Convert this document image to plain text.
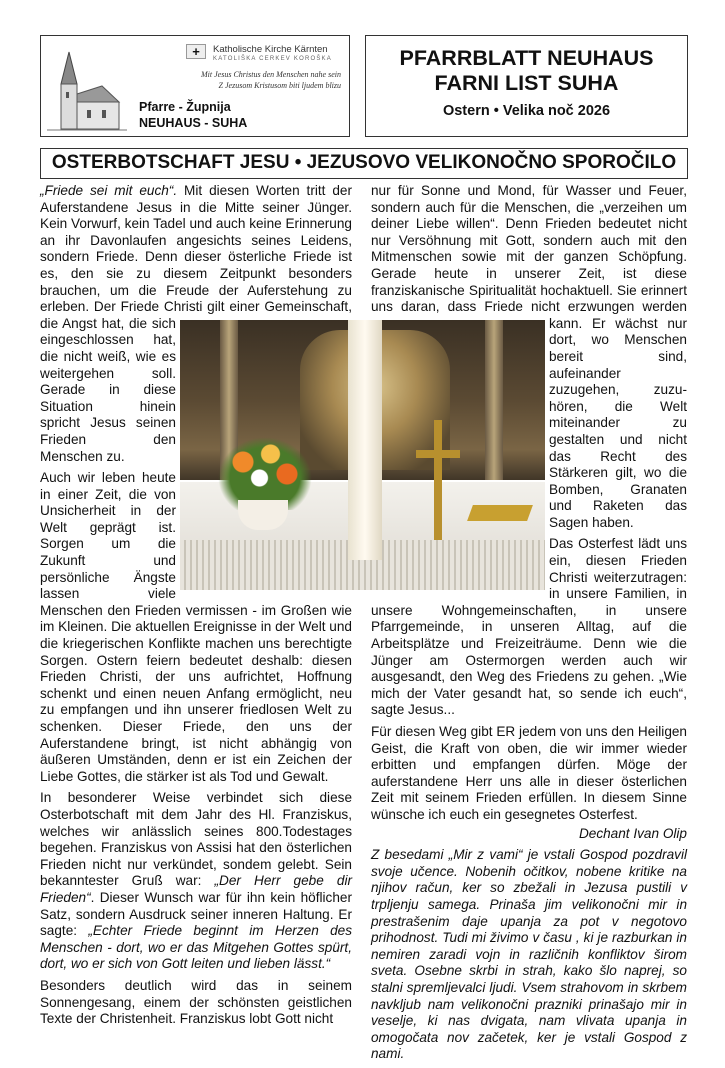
+	Katholische Kirche Kärnten
KATOLIŠKA CERKEV KOROŠKA
Mit Jesus Christus den Menschen nahe sein
Z Jezusom Kristusom biti ljudem blizu
Pfarre - Župnija
NEUHAUS - SUHA
PFARRBLATT NEUHAUS
FARNI LIST SUHA
Ostern • Velika noč 2026
OSTERBOTSCHAFT JESU • JEZUSOVO VELIKONOČNO SPOROČILO

„Friede sei mit euch“. Mit diesen Worten tritt der Auferstandene Jesus in die Mitte seiner Jünger. Kein Vorwurf, kein Tadel und auch keine Erinnerung an ihr Davonlaufen angesichts seines Leidens, sondern Friede. Denn dieser österliche Friede ist es, den sie zu diesem Zeitpunkt besonders brauchen, um die Freude der Auferstehung zu erleben. Der Friede Christi gilt einer Gemeinschaft, die Angst hat, die sich eingeschlossen hat, die nicht weiß, wie es weitergehen soll. Gerade in diese Situation hinein spricht Jesus seinen Frieden den Menschen zu.

Auch wir leben heute in einer Zeit, die von Unsicherheit in der Welt geprägt ist. Sorgen um die Zukunft und persönliche Ängste lassen viele Menschen den Frieden vermissen - im Großen wie im Kleinen. Die aktuellen Ereignisse in der Welt und die kriegerischen Konflikte machen uns berechtigte Sorgen. Ostern feiern bedeutet deshalb: diesen Frieden Christi, der uns aufrichtet, Hoffnung schenkt und einen neuen Anfang ermöglicht, neu zu empfangen und ihn unserer friedlosen Welt zu schenken. Dieser Friede, den uns der Auferstandene bringt, ist nicht abhängig von äußeren Umständen, denn er ist ein Zeichen der Liebe Gottes, die stärker ist als Tod und Gewalt.

In besonderer Weise verbindet sich diese Osterbotschaft mit dem Jahr des Hl. Franziskus, welches wir anlässlich seines 800.Todestages begehen. Franziskus von Assisi hat den österlichen Frieden nicht nur verkündet, sondem gelebt. Sein bekanntester Gruß war: „Der Herr gebe dir Frieden“. Dieser Wunsch war für ihn kein höflicher Satz, sondern Ausdruck seiner inneren Haltung. Er sagte: „Echter Friede beginnt im Herzen des Menschen - dort, wo er das Mitgehen Gottes spürt, dort, wo er sich von Gott leiten und lieben lässt.“

Besonders deutlich wird das in seinem Sonnengesang, einem der schönsten geistlichen Texte der Christenheit. Franziskus lobt Gott nicht

nur für Sonne und Mond, für Wasser und Feuer, sondern auch für die Menschen, die „verzeihen um deiner Liebe willen“. Denn Frieden bedeutet nicht nur Versöhnung mit Gott, sondern auch mit den Mitmenschen sowie mit der ganzen Schöpfung. Gerade heute in unserer Zeit, ist diese franziskanische Spiritualität hochaktuell. Sie erinnert uns daran, dass Friede nicht erzwungen werden kann. Er wächst nur dort, wo Menschen bereit sind, aufeinander zuzugehen, zuzuhören, die Welt miteinander zu gestalten und nicht das Recht des Stärkeren gilt, wo die Bomben, Granaten und Raketen das Sagen haben.

Das Osterfest lädt uns ein, diesen Frieden Christi weiterzutragen: in unsere Familien, in unsere Wohngemeinschaften, in unsere Pfarrgemeinde, in unseren Alltag, auf die Arbeitsplätze und Freizeiträume. Denn wie die Jünger am Ostermorgen werden auch wir ausgesandt, den Weg des Friedens zu gehen. „Wie mich der Vater gesandt hat, so sende ich euch“, sagte Jesus...

Für diesen Weg gibt ER jedem von uns den Heiligen Geist, die Kraft von oben, die wir immer wieder erbitten und empfangen dürfen. Möge der auferstandene Herr uns alle in dieser österlichen Zeit mit seinem Frieden erfüllen. In diesem Sinne wünsche ich euch ein gesegnetes Osterfest.

Dechant Ivan Olip

Z besedami „Mir z vami“ je vstali Gospod pozdravil svoje učence. Nobenih očitkov, nobene kritike na njihov račun, ker so zbežali in Jezusa pustili v trpljenju samega. Prinaša jim velikonočni mir in prestrašenim daje upanja za pot v negotovo prihodnost. Tudi mi živimo v času , ki je razburkan in nemiren zaradi vojn in različnih konfliktov širom sveta. Osebne skrbi in strah, kako šlo naprej, so stalni spremljevalci ljudi. Vsem strahovom in skrbem navkljub nam velikonočni prazniki prinašajo mir in veselje, ki nas dvigata, nam vlivata upanja in omogočata nov začetek, ker je vstali Gospod z nami.
